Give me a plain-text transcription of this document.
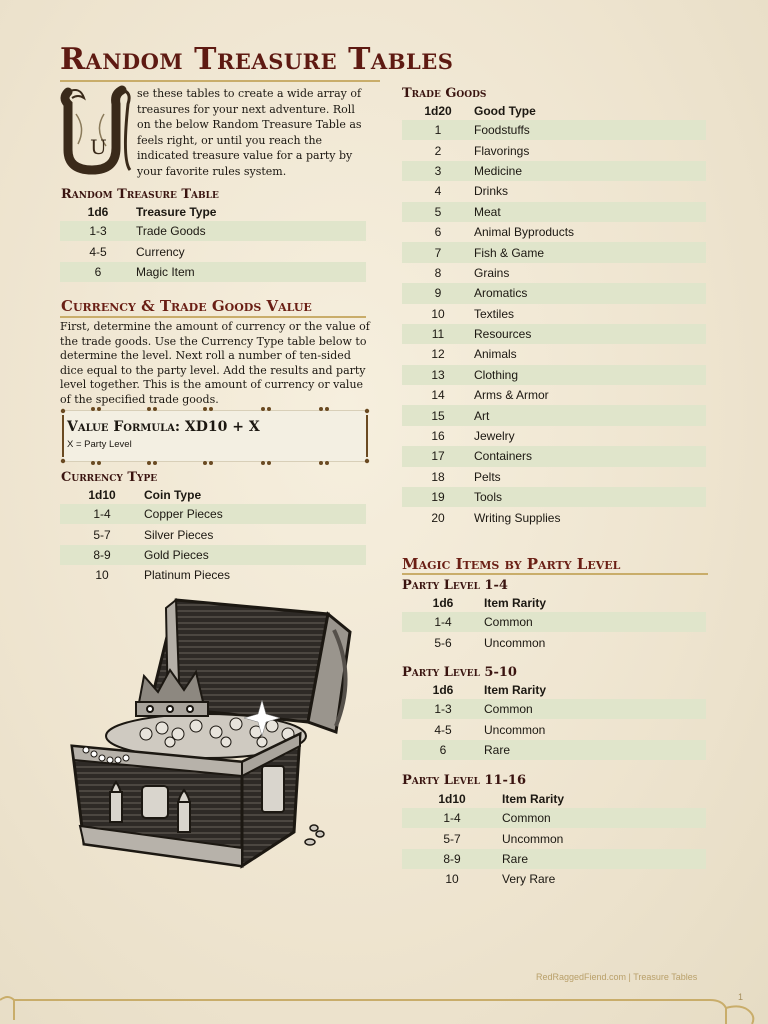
Random Treasure Tables
U

se these tables to create a wide array of treasures for your next adventure. Roll on the below Random Treasure Table as feels right, or until you reach the indicated treasure value for a party by your favorite rules system.

Random Treasure Table
1d6	Treasure Type
1-3	Trade Goods
4-5	Currency
6	Magic Item
Currency & Trade Goods Value

First, determine the amount of currency or the value of the trade goods. Use the Currency Type table below to determine the level. Next roll a number of ten-sided dice equal to the party level. Add the results and party level together. This is the amount of currency or value of the specified trade goods.

Value Formula: XD10 + X
X = Party Level
Currency Type
1d10	Coin Type
1-4	Copper Pieces
5-7	Silver Pieces
8-9	Gold Pieces
10	Platinum Pieces
Trade Goods
1d20	Good Type
1	Foodstuffs
2	Flavorings
3	Medicine
4	Drinks
5	Meat
6	Animal Byproducts
7	Fish & Game
8	Grains
9	Aromatics
10	Textiles
11	Resources
12	Animals
13	Clothing
14	Arms & Armor
15	Art
16	Jewelry
17	Containers
18	Pelts
19	Tools
20	Writing Supplies
Magic Items by Party Level
Party Level 1-4
1d6	Item Rarity
1-4	Common
5-6	Uncommon
Party Level 5-10
1d6	Item Rarity
1-3	Common
4-5	Uncommon
6	Rare
Party Level 11-16
1d10	Item Rarity
1-4	Common
5-7	Uncommon
8-9	Rare
10	Very Rare

RedRaggedFiend.com | Treasure Tables

1
